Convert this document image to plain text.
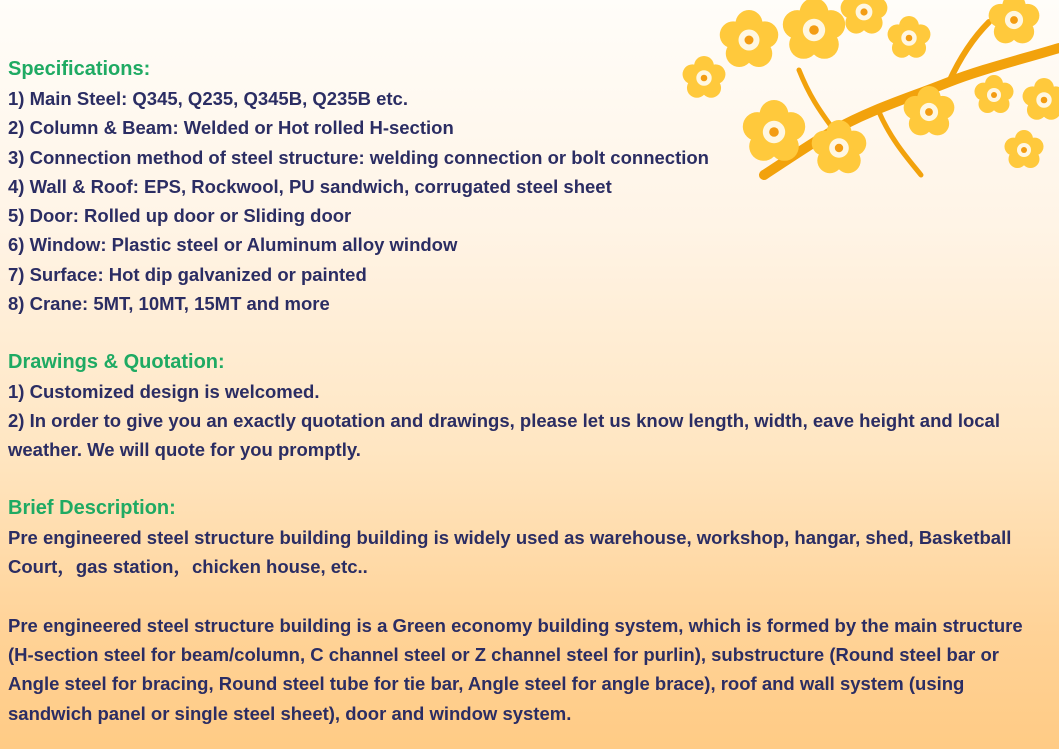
Specifications:

1) Main Steel: Q345, Q235, Q345B, Q235B etc.

2) Column & Beam: Welded or Hot rolled H-section

3) Connection method of steel structure: welding connection or bolt connection

4) Wall & Roof: EPS, Rockwool, PU sandwich, corrugated steel sheet

5) Door: Rolled up door or Sliding door

6) Window: Plastic steel or Aluminum alloy window

7) Surface: Hot dip galvanized or painted

8) Crane: 5MT, 10MT, 15MT and more

Drawings & Quotation:

1) Customized design is welcomed.

2) In order to give you an exactly quotation and drawings, please let us know length, width, eave height and local weather. We will quote for you promptly.

Brief Description:

Pre engineered steel structure building building is widely used as warehouse, workshop, hangar, shed, Basketball Court，gas station，chicken house, etc..

Pre engineered steel structure building is a Green economy building system, which is formed by the main structure (H-section steel for beam/column, C channel steel or Z channel steel for purlin), substructure (Round steel bar or Angle steel for bracing, Round steel tube for tie bar, Angle steel for angle brace), roof and wall system (using sandwich panel or single steel sheet), door and window system.
